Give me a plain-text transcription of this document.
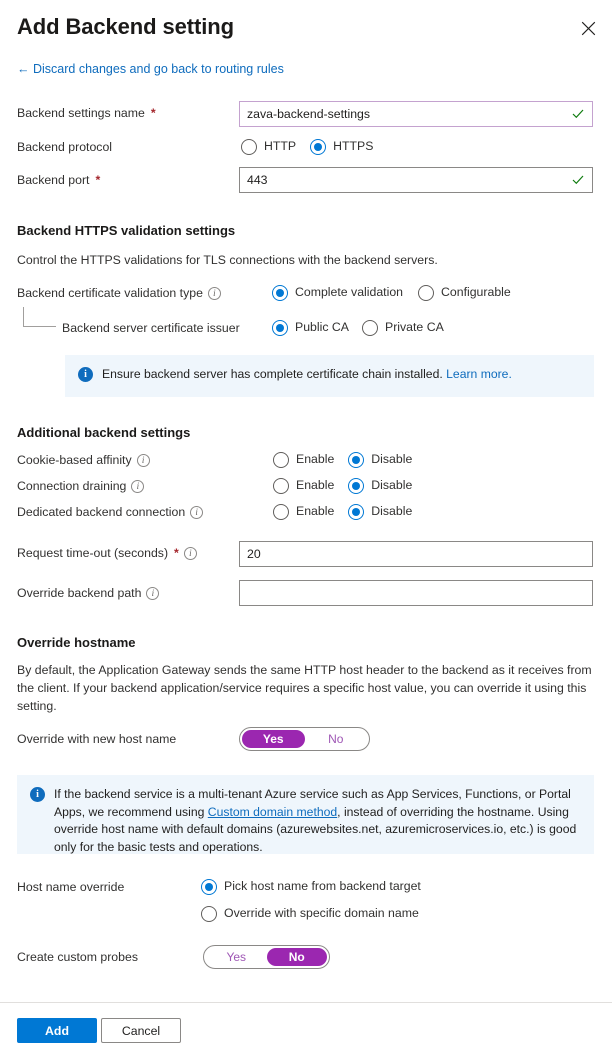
Add Backend setting
← Discard changes and go back to routing rules
Backend settings name *	zava-backend-settings
Backend protocol	HTTP	HTTPS
Backend port *	443
Backend HTTPS validation settings
Control the HTTPS validations for TLS connections with the backend servers.
Backend certificate validation type i	Complete validation	Configurable
Backend server certificate issuer	Public CA	Private CA
i
Ensure backend server has complete certificate chain installed. Learn more.
Additional backend settings
Cookie-based affinity i	Enable	Disable
Connection draining i	Enable	Disable
Dedicated backend connection i	Enable	Disable
Request time-out (seconds) * i	20
Override backend path
i
Override hostname
By default, the Application Gateway sends the same HTTP host header to the backend as it receives from the client. If your backend application/service requires a specific host value, you can override it using this setting.
Override with new host name	Yes	No
i
If the backend service is a multi-tenant Azure service such as App Services, Functions, or Portal Apps, we recommend using Custom domain method, instead of overriding the hostname. Using override host name with default domains (azurewebsites.net, azuremicroservices.io, etc.) is good only for the basic tests and operations.
Host name override	Pick host name from backend target
Override with specific domain name
Create custom probes	Yes	No
Add	Cancel
